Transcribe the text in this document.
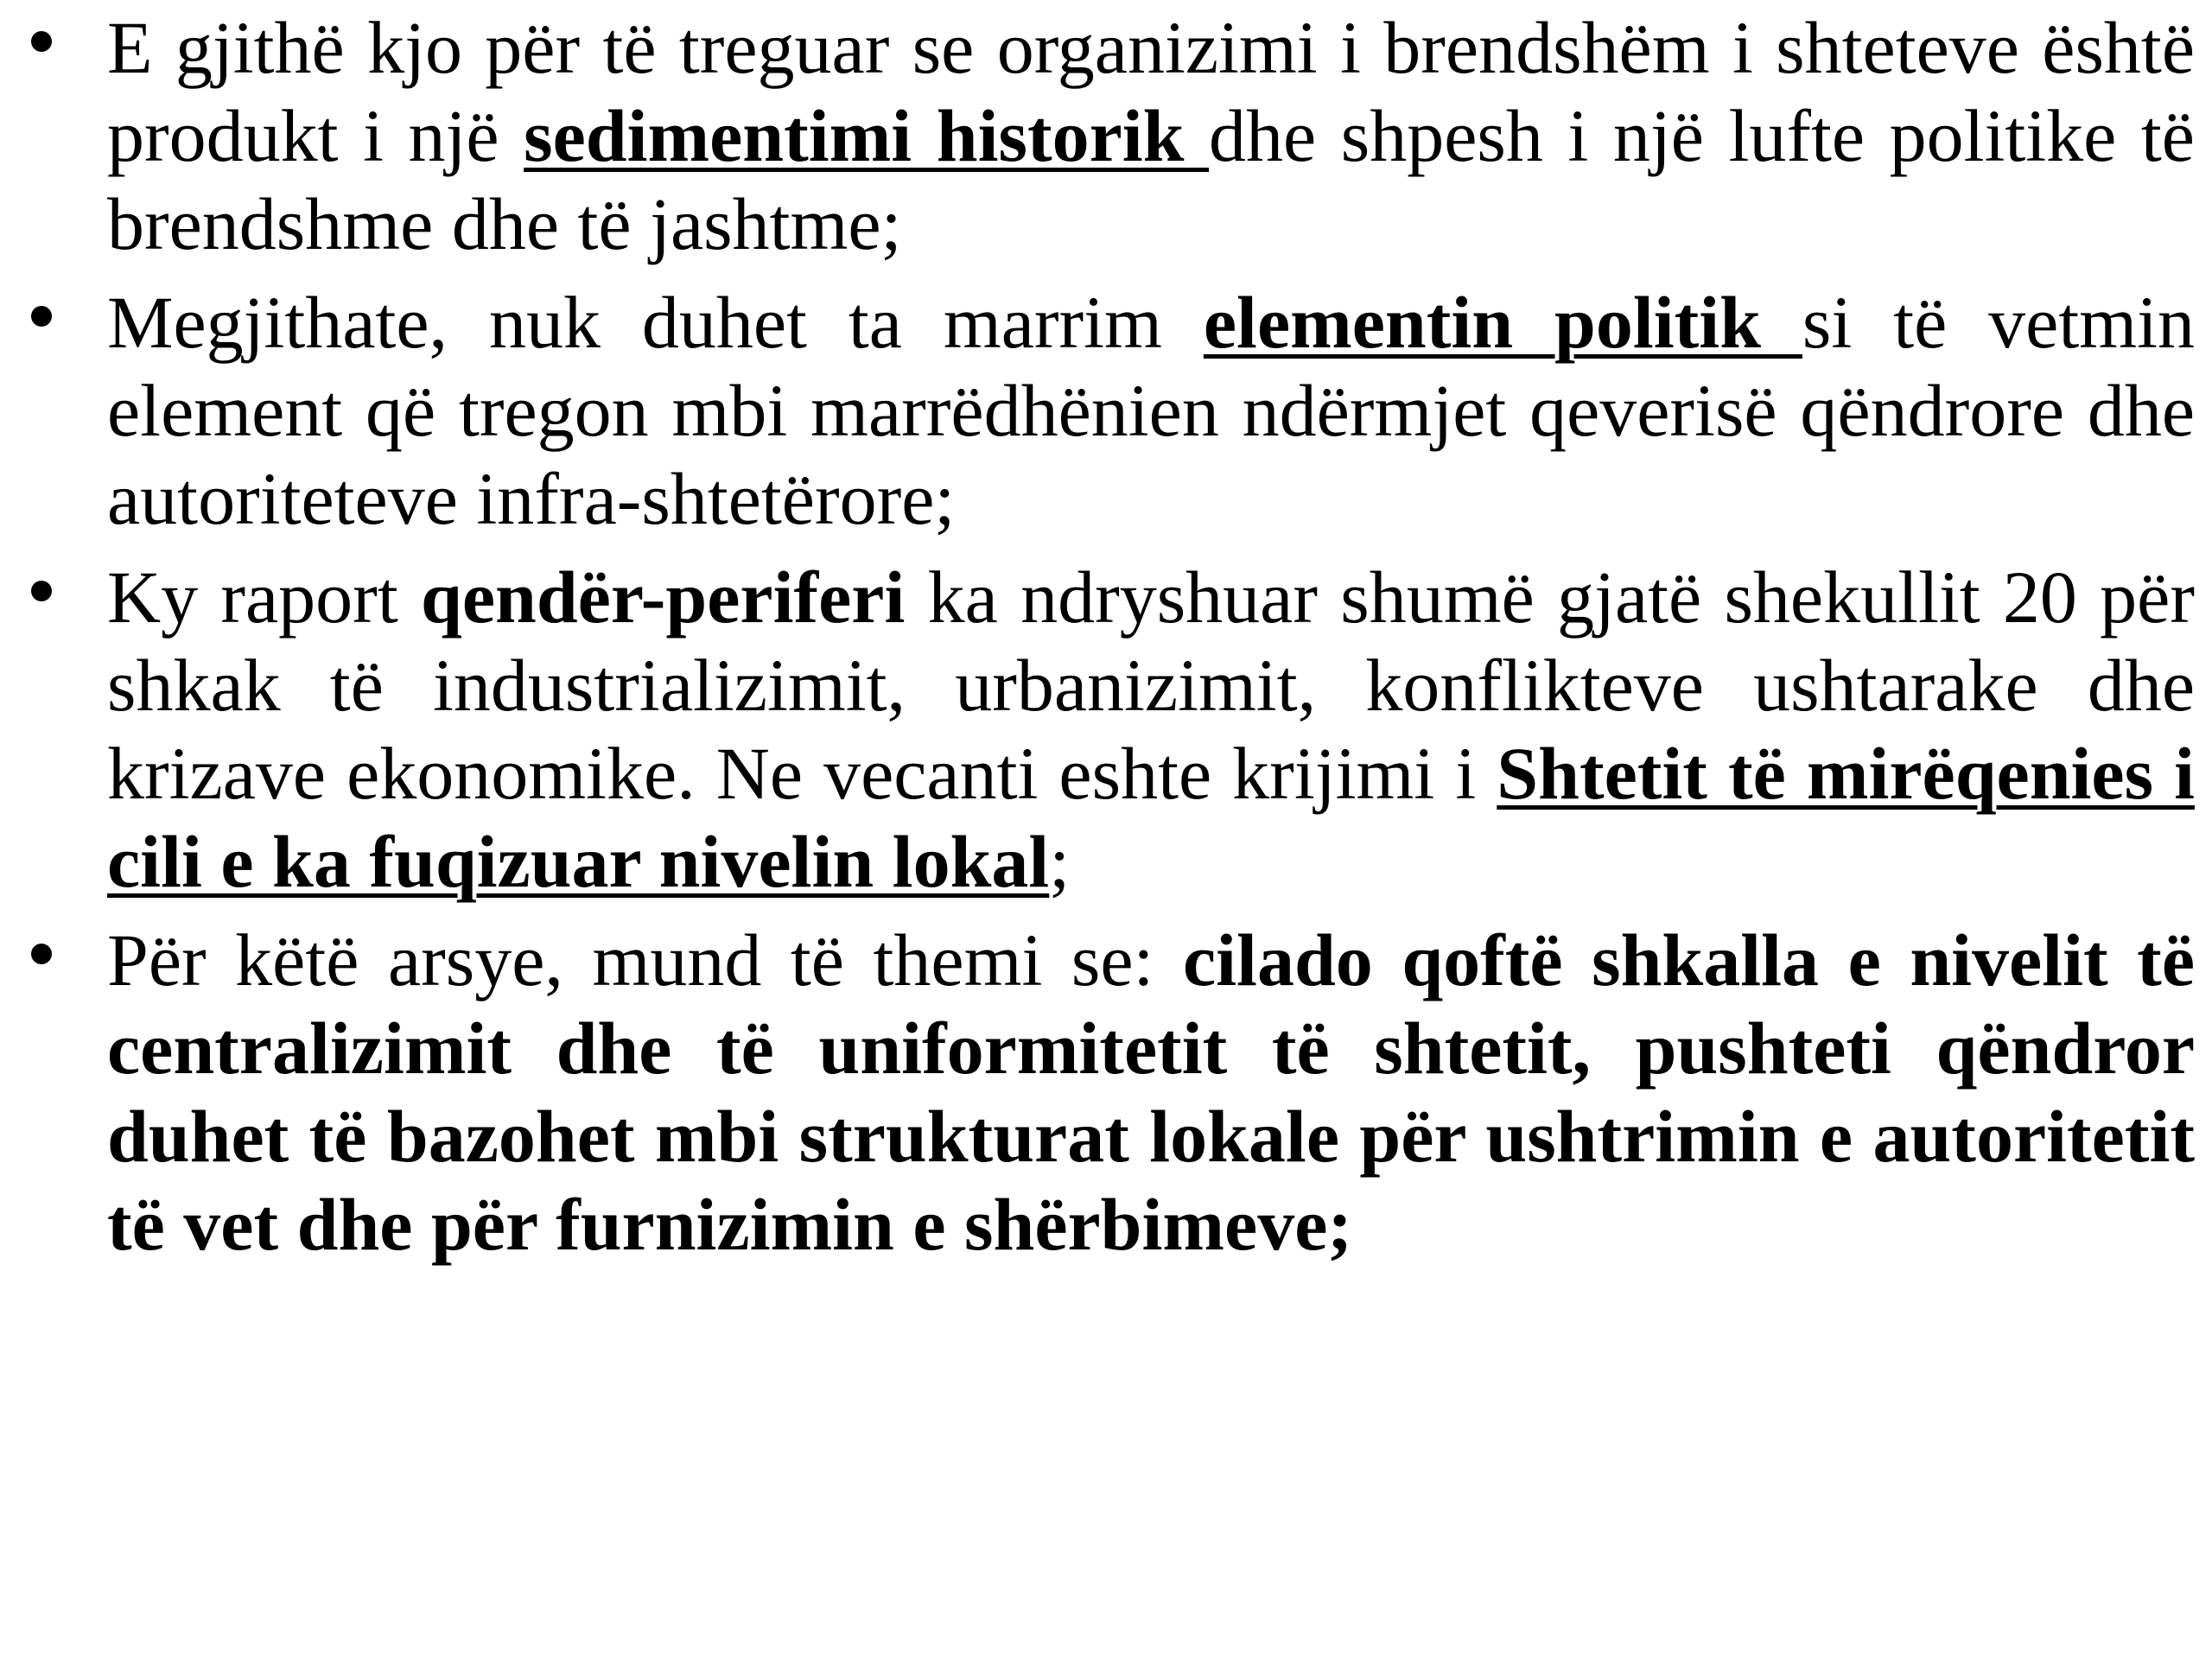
E gjithë kjo për të treguar se organizimi i brendshëm i shteteve është produkt i një sedimentimi historik dhe shpesh i një lufte politike të brendshme dhe të jashtme;
Megjithate, nuk duhet ta marrim elementin politik si të vetmin element që tregon mbi marrëdhënien ndërmjet qeverisë qëndrore dhe autoriteteve infra-shtetërore;
Ky raport qendër-periferi ka ndryshuar shumë gjatë shekullit 20 për shkak të industrializimit, urbanizimit, konflikteve ushtarake dhe krizave ekonomike. Ne vecanti eshte krijimi i Shtetit të mirëqenies i cili e ka fuqizuar nivelin lokal;
Për këtë arsye, mund të themi se: cilado qoftë shkalla e nivelit të centralizimit dhe të uniformitetit të shtetit, pushteti qëndror duhet të bazohet mbi strukturat lokale për ushtrimin e autoritetit të vet dhe për furnizimin e shërbimeve;
